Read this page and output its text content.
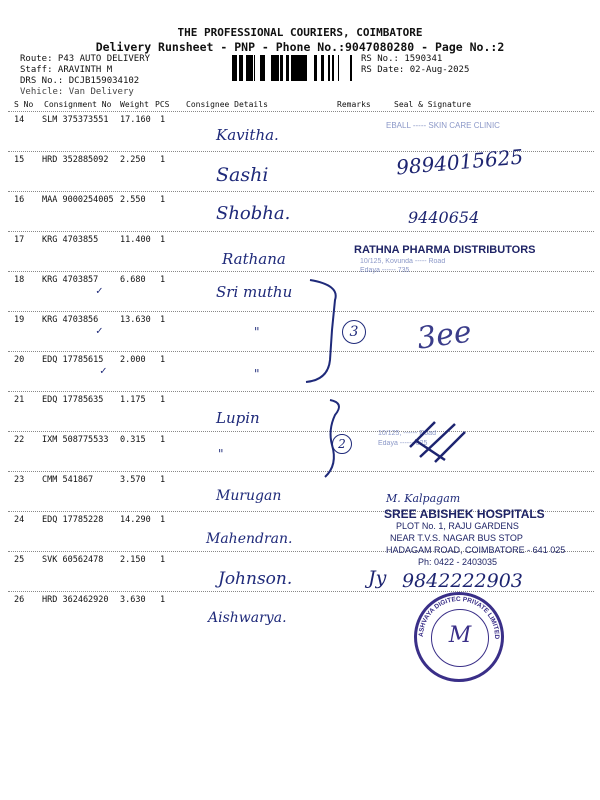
THE PROFESSIONAL COURIERS, COIMBATORE
Delivery Runsheet - PNP - Phone No.:9047080280 - Page No.:2
Route: P43 AUTO DELIVERY
Staff: ARAVINTH M
DRS No.: DCJB159034102
Vehicle: Van Delivery
RS No.: 1590341
RS Date: 02-Aug-2025
S No Consignment No Weight PCS Consignee Details	Remarks	Seal & Signature
14 SLM 375373551 17.160 1
Kavitha.
15 HRD 352885092 2.250 1
Sashi
16 MAA 9000254005 2.550 1
Shobha.
17 KRG 4703855	11.400 1
Rathana
18 KRG 4703857	6.680 1
Sri muthu
19 KRG 4703856	13.630 1
"
20 EDQ 17785615 2.000 1
"
21 EDQ 17785635 1.175 1
Lupin
22 IXM 508775533 0.315 1
"
23 CMM 541867	3.570 1
Murugan
24 EDQ 17785228 14.290 1
Mahendran.
25 SVK 60562478 2.150 1
Johnson.
26 HRD 362462920 3.630 1
Aishwarya.
✓
✓
✓
EBALL ----- SKIN CARE CLINIC
9894015625
9440654
RATHNA PHARMA DISTRIBUTORS
10/125, Kovunda ----- Road
Edaya ------ 735
3 3ee
10/125, ------ Road
Edaya ------ 025
2
M. Kalpagam
SREE ABISHEK HOSPITALS
PLOT No. 1, RAJU GARDENS
NEAR T.V.S. NAGAR BUS STOP
HADAGAM ROAD, COIMBATORE - 641 025
Ph: 0422 - 2403035
Jy 9842222903
ASHVAYA DIGITEC PRIVATE LIMITED
M
